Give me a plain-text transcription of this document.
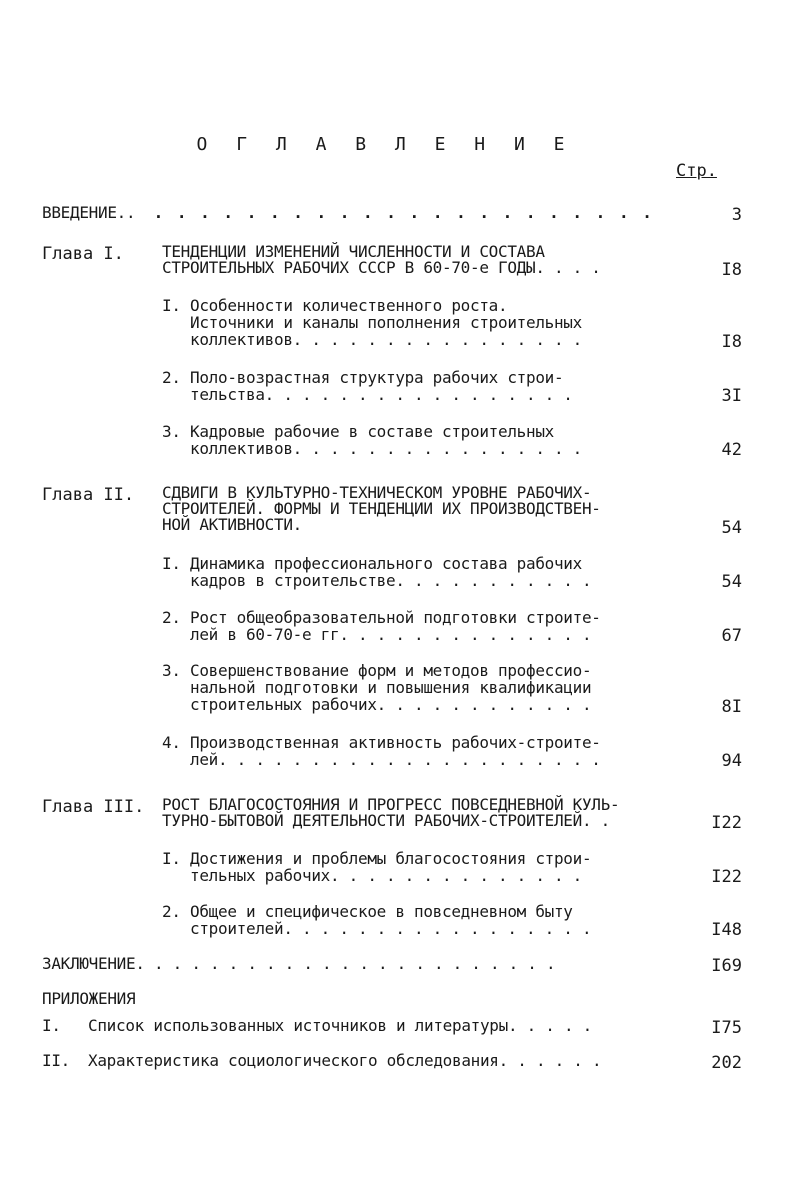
О Г Л А В Л Е Н И Е
Стр.
ВВЕДЕНИЕ.. . . . . . . . . . . . . . . . . . . . . . .	3
Глава I. ТЕНДЕНЦИИ ИЗМЕНЕНИЙ ЧИСЛЕННОСТИ И СОСТАВА
СТРОИТЕЛЬНЫХ РАБОЧИХ СССР В 60-70-е ГОДЫ. . . .	I8
I. Особенности количественного роста.
Источники и каналы пополнения строительных
коллективов. . . . . . . . . . . . . . . .	I8
2. Поло-возрастная структура рабочих строи-
тельства. . . . . . . . . . . . . . . . .	3I
3. Кадровые рабочие в составе строительных
коллективов. . . . . . . . . . . . . . . .	42
Глава II. СДВИГИ В КУЛЬТУРНО-ТЕХНИЧЕСКОМ УРОВНЕ РАБОЧИХ-
СТРОИТЕЛЕЙ. ФОРМЫ И ТЕНДЕНЦИИ ИХ ПРОИЗВОДСТВЕН-
НОЙ АКТИВНОСТИ.	54
I. Динамика профессионального состава рабочих
кадров в строительстве. . . . . . . . . . .	54
2. Рост общеобразовательной подготовки строите-
лей в 60-70-е гг. . . . . . . . . . . . . .	67
3. Совершенствование форм и методов профессио-
нальной подготовки и повышения квалификации
строительных рабочих. . . . . . . . . . . .	8I
4. Производственная активность рабочих-строите-
лей. . . . . . . . . . . . . . . . . . . . .	94
Глава III. РОСТ БЛАГОСОСТОЯНИЯ И ПРОГРЕСС ПОВСЕДНЕВНОЙ КУЛЬ-
ТУРНО-БЫТОВОЙ ДЕЯТЕЛЬНОСТИ РАБОЧИХ-СТРОИТЕЛЕЙ. .	I22
I. Достижения и проблемы благосостояния строи-
тельных рабочих. . . . . . . . . . . . . .	I22
2. Общее и специфическое в повседневном быту
строителей. . . . . . . . . . . . . . . . .	I48
ЗАКЛЮЧЕНИЕ. . . . . . . . . . . . . . . . . . . . . . .	I69
ПРИЛОЖЕНИЯ
I. Список использованных источников и литературы. . . . .	I75
II. Характеристика социологического обследования. . . . . .	202
